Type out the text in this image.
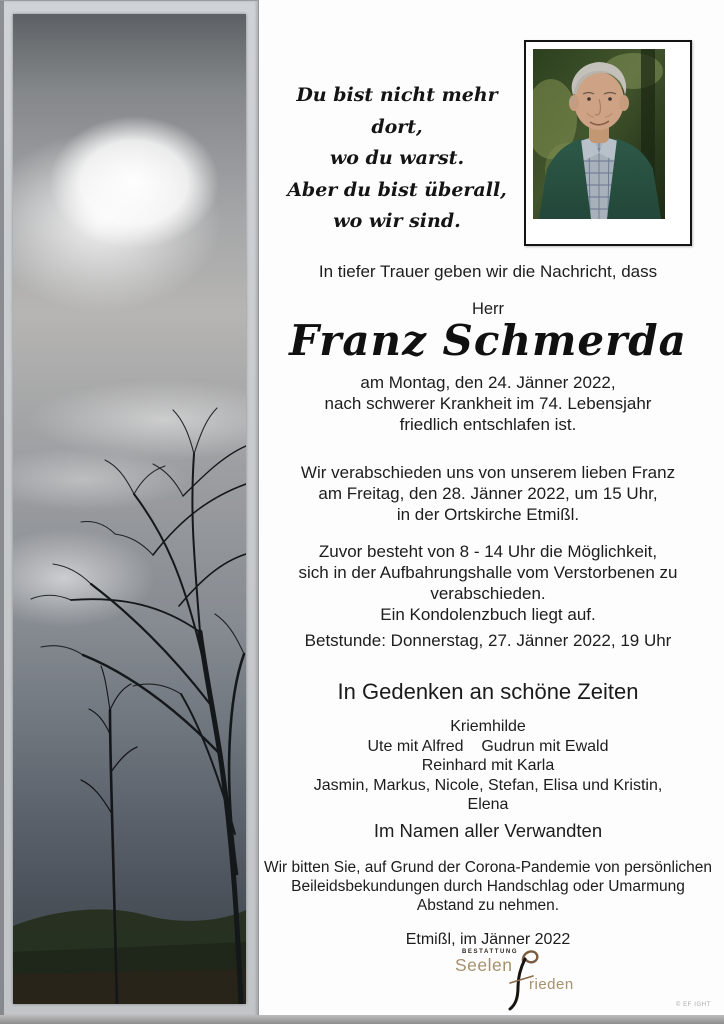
Du bist nicht mehr dort,
wo du warst.
Aber du bist überall,
wo wir sind.
In tiefer Trauer geben wir die Nachricht, dass
Herr
Franz Schmerda
am Montag, den 24. Jänner 2022,
nach schwerer Krankheit im 74. Lebensjahr
friedlich entschlafen ist.
Wir verabschieden uns von unserem lieben Franz
am Freitag, den 28. Jänner 2022, um 15 Uhr,
in der Ortskirche Etmißl.
Zuvor besteht von 8 - 14 Uhr die Möglichkeit,
sich in der Aufbahrungshalle vom Verstorbenen zu
verabschieden.
Ein Kondolenzbuch liegt auf.
Betstunde: Donnerstag, 27. Jänner 2022, 19 Uhr
In Gedenken an schöne Zeiten
Kriemhilde
Ute mit Alfred    Gudrun mit Ewald
Reinhard mit Karla
Jasmin, Markus, Nicole, Stefan, Elisa und Kristin,
Elena
Im Namen aller Verwandten
Wir bitten Sie, auf Grund der Corona-Pandemie von persönlichen
Beileidsbekundungen durch Handschlag oder Umarmung
Abstand zu nehmen.
Etmißl, im Jänner 2022
BESTATTUNG
Seelen
rieden
© EF IGHT
